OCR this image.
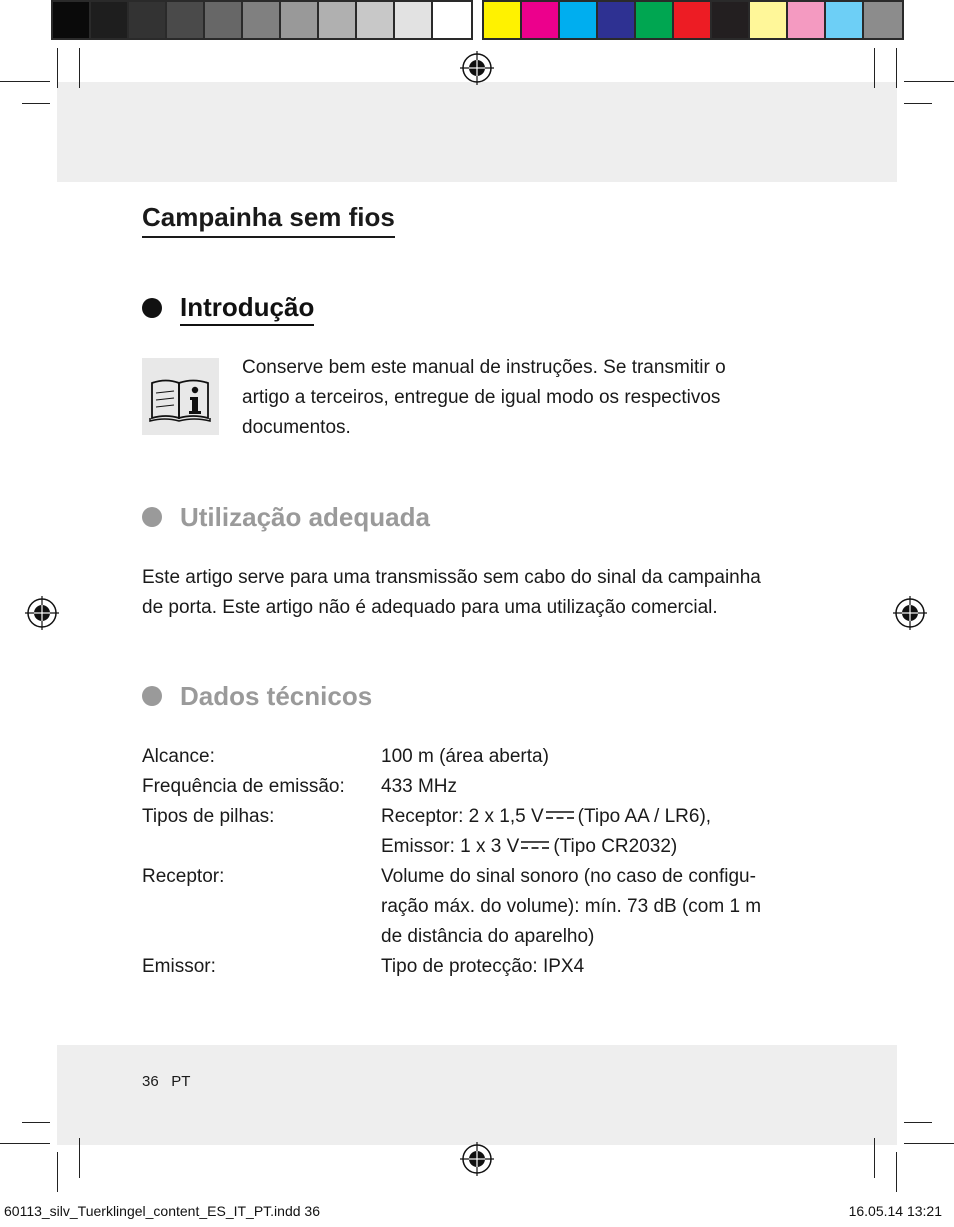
Campainha sem fios
Introdução
Conserve bem este manual de instruções. Se transmitir o
artigo a terceiros, entregue de igual modo os respectivos
documentos.
Utilização adequada
Este artigo serve para uma transmissão sem cabo do sinal da campainha
de porta. Este artigo não é adequado para uma utilização comercial.
Dados técnicos
Alcance:	100 m (área aberta)
Frequência de emissão:	433 MHz
Tipos de pilhas:	Receptor: 2 x 1,5 V (Tipo AA / LR6),
Emissor: 1 x 3 V (Tipo CR2032)
Receptor:	Volume do sinal sonoro (no caso de configu-
ração máx. do volume): mín. 73 dB (com 1 m
de distância do aparelho)
Emissor:	Tipo de protecção: IPX4
36 PT
60113_silv_Tuerklingel_content_ES_IT_PT.indd 36	16.05.14 13:21
